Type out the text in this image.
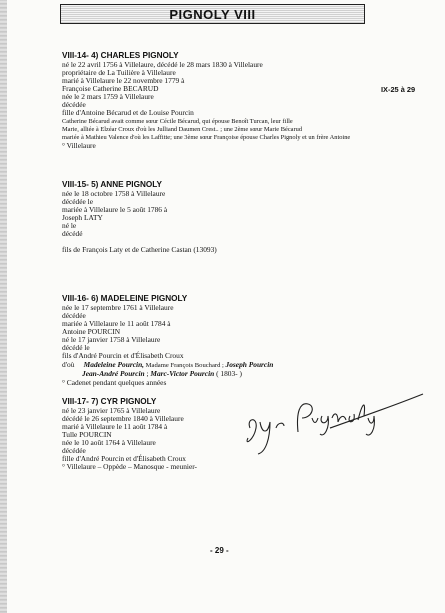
PIGNOLY VIII
VIII-14- 4) CHARLES PIGNOLY
né le 22 avril 1756 à Villelaure, décédé le 28 mars 1830 à Villelaure
propriétaire de La Tuilière à Villelaure
marié à Villelaure le 22 novembre 1779 à
Françoise Catherine BECARUD	IX-25 à 29
née le 2 mars 1759 à Villelaure
décédée
fille d'Antoine Bécarud et de Louise Pourcin
Catherine Bécarud avait comme sœur Cécile Bécarud, qui épouse Benoît Turcan, leur fille
Marie, alliée à Elzéar Croux d'où les Julliand Daumen Crest.. ; une 2ème sœur Marie Bécarud
mariée à Mathieu Valence d'où les Laffitte; une 3ème sœur Françoise épouse Charles Pignoly et un frère Antoine
° Villelaure
VIII-15- 5) ANNE PIGNOLY
née le 18 octobre 1758 à Villelaure
décédée le
mariée à Villelaure le 5 août 1786 à
Joseph LATY
né le
décédé
fils de François Laty et de Catherine Castan (13093)
VIII-16- 6) MADELEINE PIGNOLY
née le 17 septembre 1761 à Villelaure
décédée
mariée à Villelaure le 11 août 1784 à
Antoine POURCIN
né le 17 janvier 1758 à Villelaure
décédé le
fils d'André Pourcin et d'Élisabeth Croux
d'où Madeleine Pourcin, Madame François Bouchard ; Joseph Pourcin
Jean-André Pourcin ; Marc-Victor Pourcin ( 1803- )
° Cadenet pendant quelques années
VIII-17- 7) CYR PIGNOLY
né le 23 janvier 1765 à Villelaure
décédé le 26 septembre 1840 à Villelaure
marié à Villelaure le 11 août 1784 à
Tulle POURCIN
née le 10 août 1764 à Villelaure
décédée
fille d'André Pourcin et d'Élisabeth Croux
° Villelaure – Oppède – Manosque - meunier-
- 29 -
